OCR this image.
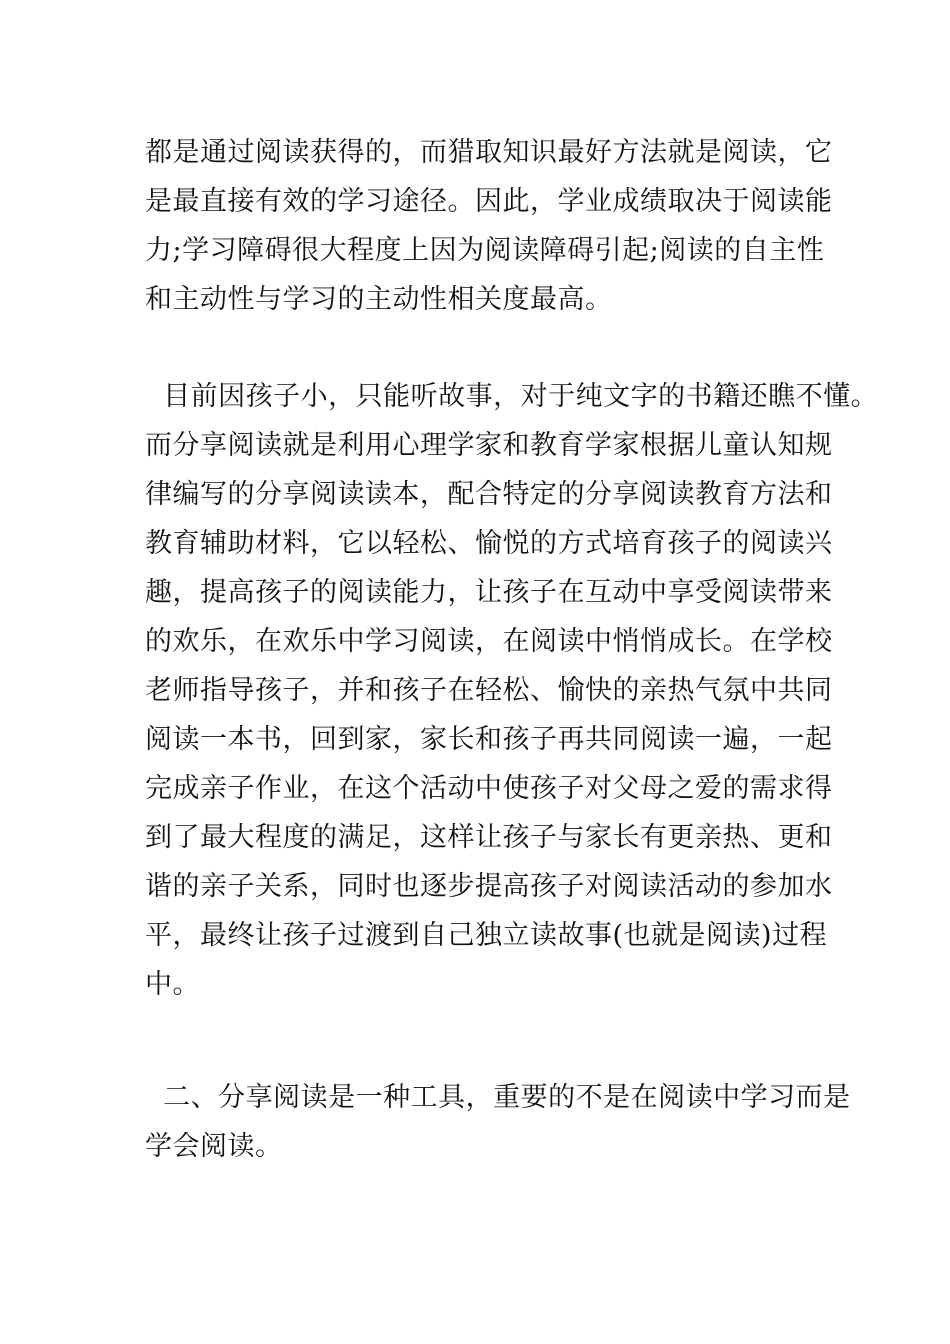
都是通过阅读获得的，而猎取知识最好方法就是阅读，它
是最直接有效的学习途径。因此，学业成绩取决于阅读能
力;学习障碍很大程度上因为阅读障碍引起;阅读的自主性
和主动性与学习的主动性相关度最高。
目前因孩子小，只能听故事，对于纯文字的书籍还瞧不懂。
而分享阅读就是利用心理学家和教育学家根据儿童认知规
律编写的分享阅读读本，配合特定的分享阅读教育方法和
教育辅助材料，它以轻松、愉悦的方式培育孩子的阅读兴
趣，提高孩子的阅读能力，让孩子在互动中享受阅读带来
的欢乐，在欢乐中学习阅读，在阅读中悄悄成长。在学校
老师指导孩子，并和孩子在轻松、愉快的亲热气氛中共同
阅读一本书，回到家，家长和孩子再共同阅读一遍，一起
完成亲子作业，在这个活动中使孩子对父母之爱的需求得
到了最大程度的满足，这样让孩子与家长有更亲热、更和
谐的亲子关系，同时也逐步提高孩子对阅读活动的参加水
平，最终让孩子过渡到自己独立读故事(也就是阅读)过程
中。
二、分享阅读是一种工具，重要的不是在阅读中学习而是
学会阅读。
